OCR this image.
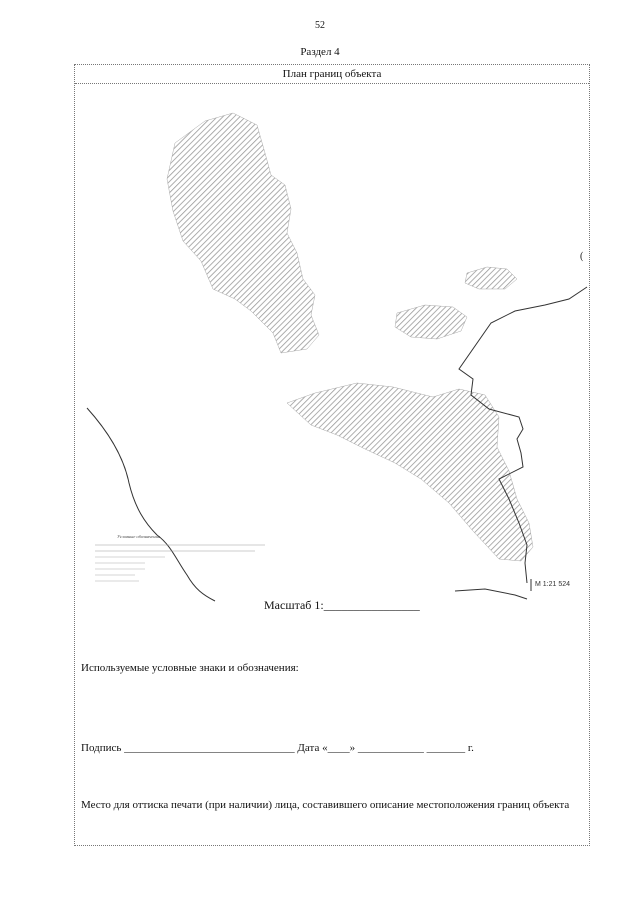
52
Раздел 4
План границ объекта
Условные обозначения
М 1:21 524
(
Масштаб 1:________________
Используемые условные знаки и обозначения:
Подпись _______________________________ Дата «____» ____________ _______ г.
Место для оттиска печати (при наличии) лица, составившего описание местоположения границ объекта
